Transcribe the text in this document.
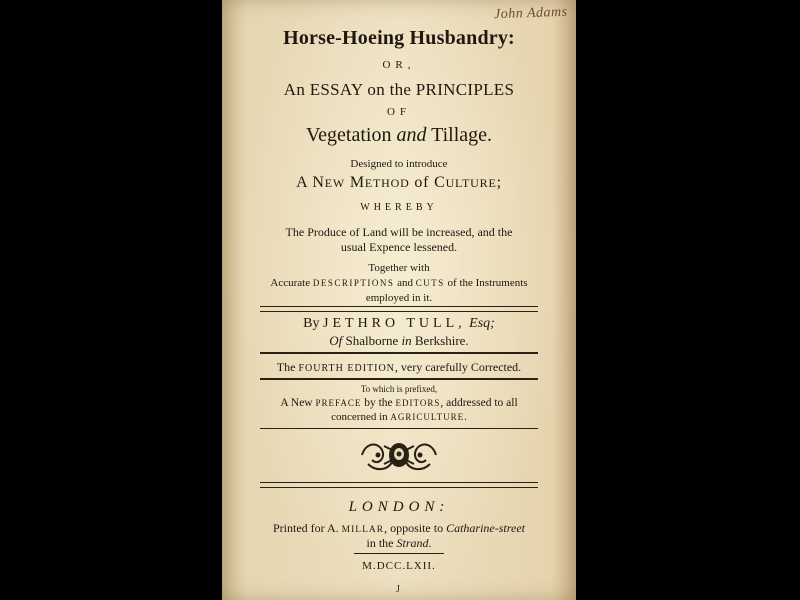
John Adams
Horse-Hoeing Husbandry:
OR,
An ESSAY on the PRINCIPLES
OF
Vegetation and Tillage.
Designed to introduce
A NEW METHOD of CULTURE;
WHEREBY
The Produce of Land will be increased, and the
usual Expence lessened.
Together with
Accurate DESCRIPTIONS and CUTS of the Instruments
employed in it.
By JETHRO TULL, Esq;
Of Shalborne in Berkshire.
The FOURTH EDITION, very carefully Corrected.
To which is prefixed,
A New PREFACE by the EDITORS, addressed to all
concerned in AGRICULTURE.
LONDON:
Printed for A. MILLAR, opposite to Catharine-street
in the Strand.
M.DCC.LXII.
J
